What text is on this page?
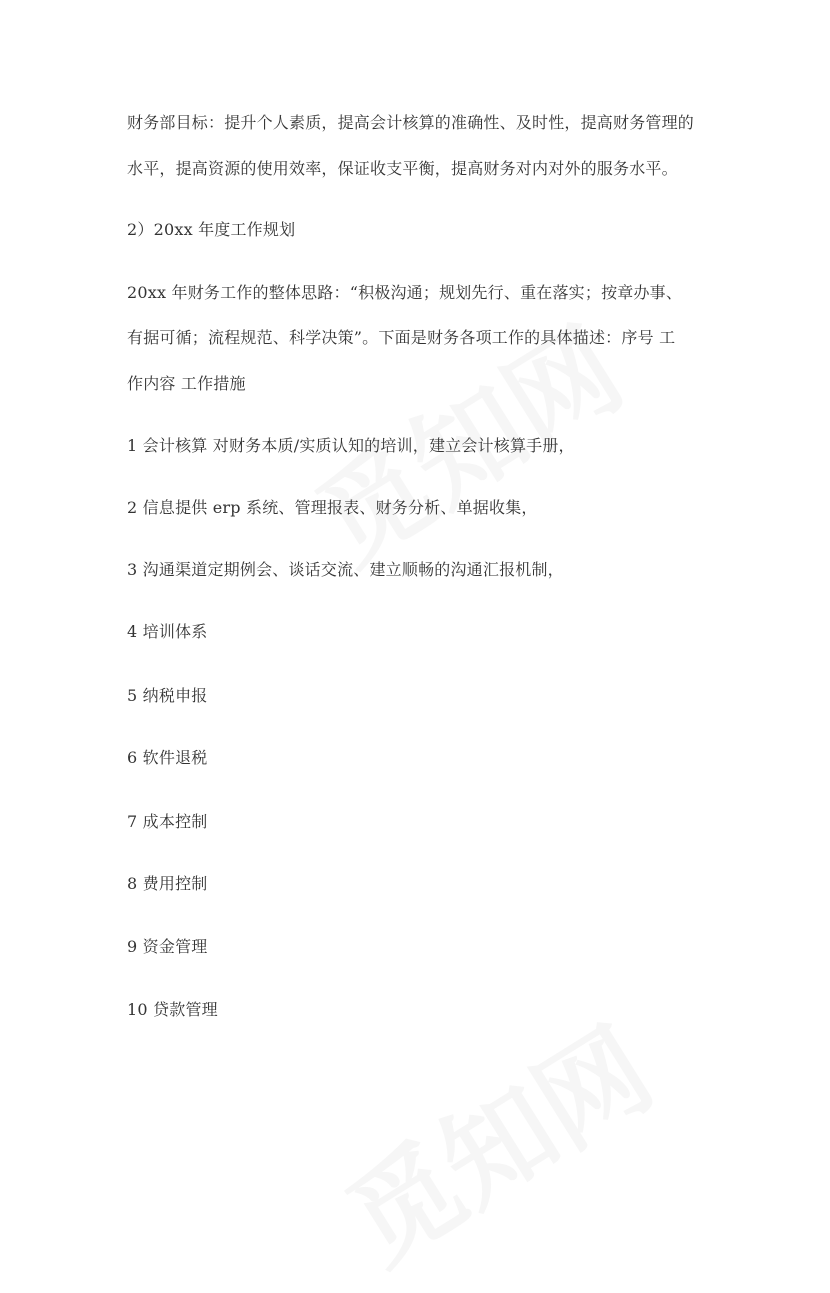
财务部目标：提升个人素质，提高会计核算的准确性、及时性，提高财务管理的
水平，提高资源的使用效率，保证收支平衡，提高财务对内对外的服务水平。
2）20xx 年度工作规划
20xx 年财务工作的整体思路：“积极沟通；规划先行、重在落实；按章办事、
有据可循；流程规范、科学决策”。下面是财务各项工作的具体描述：序号 工
作内容 工作措施
1 会计核算 对财务本质/实质认知的培训，建立会计核算手册，
2 信息提供 erp 系统、管理报表、财务分析、单据收集，
3 沟通渠道定期例会、谈话交流、建立顺畅的沟通汇报机制，
4 培训体系
5 纳税申报
6 软件退税
7 成本控制
8 费用控制
9 资金管理
10 贷款管理
